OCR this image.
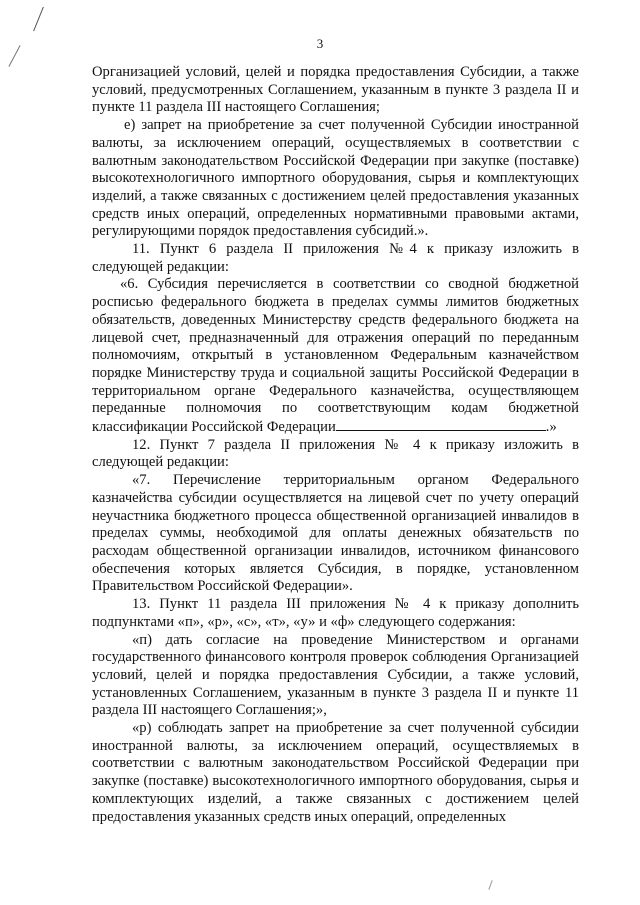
3

Организацией условий, целей и порядка предоставления Субсидии, а также условий, предусмотренных Соглашением, указанным в пункте 3 раздела II и пункте 11 раздела III настоящего Соглашения;

е) запрет на приобретение за счет полученной Субсидии иностранной валюты, за исключением операций, осуществляемых в соответствии с валютным законодательством Российской Федерации при закупке (поставке) высокотехнологичного импортного оборудования, сырья и комплектующих изделий, а также связанных с достижением целей предоставления указанных средств иных операций, определенных нормативными правовыми актами, регулирующими порядок предоставления субсидий.».

11. Пункт 6 раздела II приложения №4 к приказу изложить в следующей редакции:

«6. Субсидия перечисляется в соответствии со сводной бюджетной росписью федерального бюджета в пределах суммы лимитов бюджетных обязательств, доведенных Министерству средств федерального бюджета на лицевой счет, предназначенный для отражения операций по переданным полномочиям, открытый в установленном Федеральным казначейством порядке Министерству труда и социальной защиты Российской Федерации в территориальном органе Федерального казначейства, осуществляющем переданные полномочия по соответствующим кодам бюджетной классификации Российской Федерации	.»

12. Пункт 7 раздела II приложения № 4 к приказу изложить в следующей редакции:

«7. Перечисление территориальным органом Федерального казначейства субсидии осуществляется на лицевой счет по учету операций неучастника бюджетного процесса общественной организацией инвалидов в пределах суммы, необходимой для оплаты денежных обязательств по расходам общественной организации инвалидов, источником финансового обеспечения которых является Субсидия, в порядке, установленном Правительством Российской Федерации».

13. Пункт 11 раздела III приложения № 4 к приказу дополнить подпунктами «п», «р», «с», «т», «у» и «ф» следующего содержания:

«п) дать согласие на проведение Министерством и органами государственного финансового контроля проверок соблюдения Организацией условий, целей и порядка предоставления Субсидии, а также условий, установленных Соглашением, указанным в пункте 3 раздела II и пункте 11 раздела III настоящего Соглашения;»,

«р) соблюдать запрет на приобретение за счет полученной субсидии иностранной валюты, за исключением операций, осуществляемых в соответствии с валютным законодательством Российской Федерации при закупке (поставке) высокотехнологичного импортного оборудования, сырья и комплектующих изделий, а также связанных с достижением целей предоставления указанных средств иных операций, определенных
